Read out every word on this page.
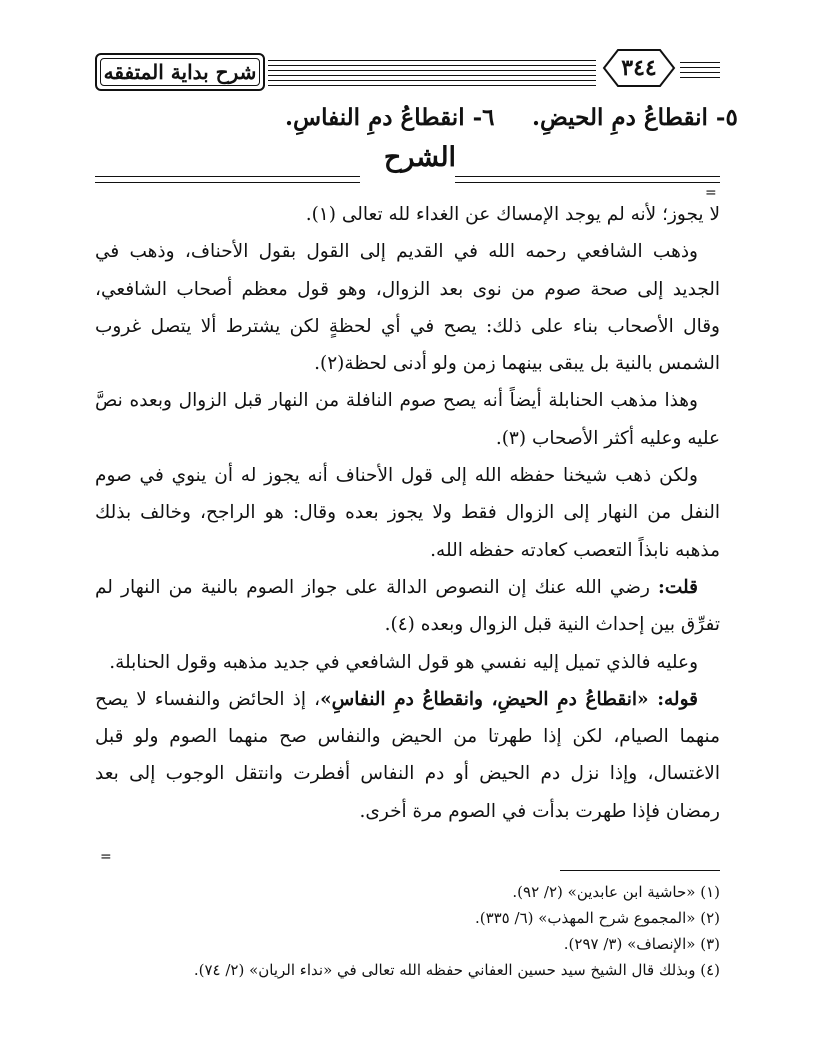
شرح بداية المتفقه	٣٤٤
٥- انقطاعُ دمِ الحيضِ.
٦- انقطاعُ دمِ النفاسِ.
الشرح
=

لا يجوز؛ لأنه لم يوجد الإمساك عن الغداء لله تعالى (١).

وذهب الشافعي رحمه الله في القديم إلى القول بقول الأحناف، وذهب في الجديد إلى صحة صوم من نوى بعد الزوال، وهو قول معظم أصحاب الشافعي، وقال الأصحاب بناء على ذلك: يصح في أي لحظةٍ لكن يشترط ألا يتصل غروب الشمس بالنية بل يبقى بينهما زمن ولو أدنى لحظة(٢).

وهذا مذهب الحنابلة أيضاً أنه يصح صوم النافلة من النهار قبل الزوال وبعده نصَّ عليه وعليه أكثر الأصحاب (٣).

ولكن ذهب شيخنا حفظه الله إلى قول الأحناف أنه يجوز له أن ينوي في صوم النفل من النهار إلى الزوال فقط ولا يجوز بعده وقال: هو الراجح، وخالف بذلك مذهبه نابذاً التعصب كعادته حفظه الله.

قلت: رضي الله عنك إن النصوص الدالة على جواز الصوم بالنية من النهار لم تفرِّق بين إحداث النية قبل الزوال وبعده (٤).

وعليه فالذي تميل إليه نفسي هو قول الشافعي في جديد مذهبه وقول الحنابلة.

قوله: «انقطاعُ دمِ الحيضِ، وانقطاعُ دمِ النفاسِ»، إذ الحائض والنفساء لا يصح منهما الصيام، لكن إذا طهرتا من الحيض والنفاس صح منهما الصوم ولو قبل الاغتسال، وإذا نزل دم الحيض أو دم النفاس أفطرت وانتقل الوجوب إلى بعد رمضان فإذا طهرت بدأت في الصوم مرة أخرى.

=
(١) «حاشية ابن عابدين» (٢/ ٩٢).
(٢) «المجموع شرح المهذب» (٦/ ٣٣٥).
(٣) «الإنصاف» (٣/ ٢٩٧).
(٤) وبذلك قال الشيخ سيد حسين العفاني حفظه الله تعالى في «نداء الريان» (٢/ ٧٤).
